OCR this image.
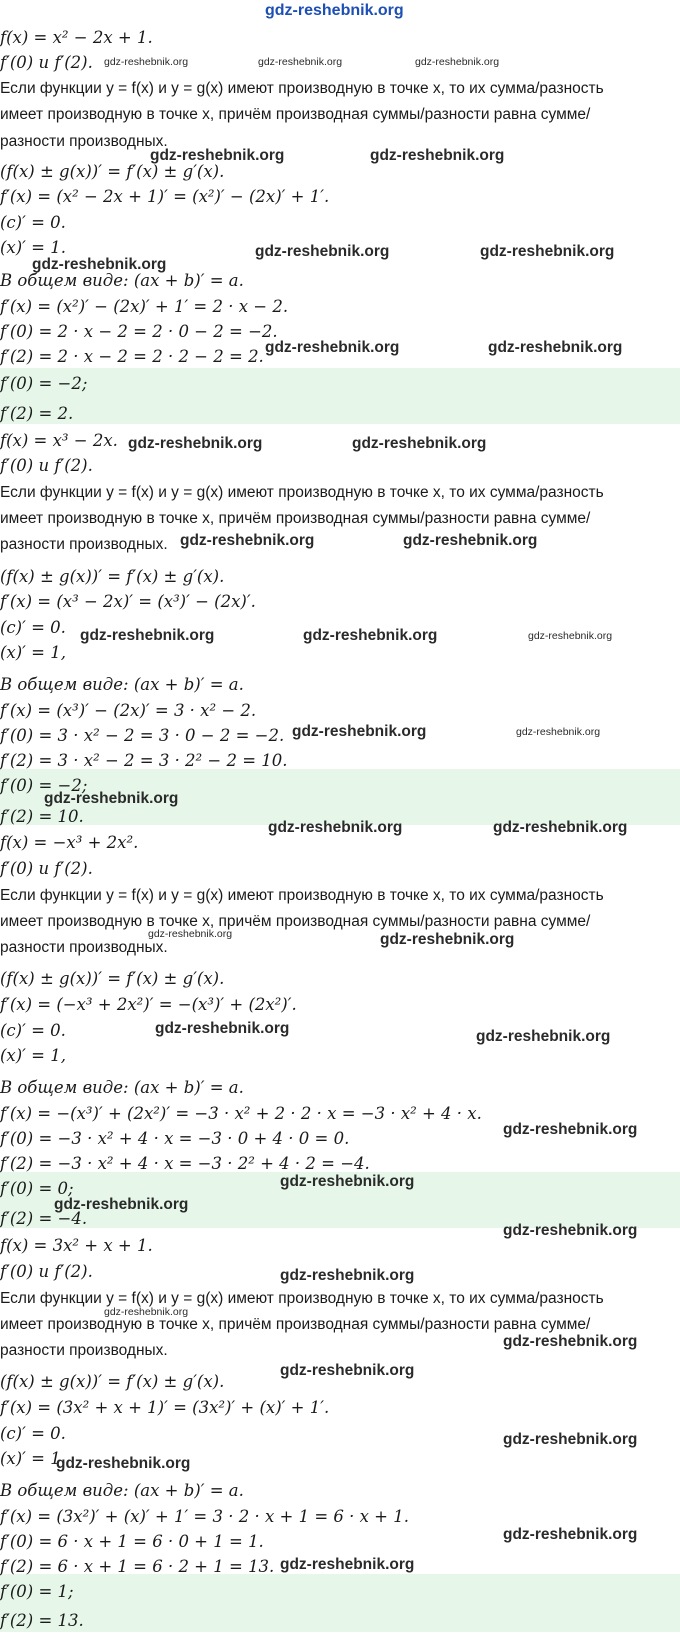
gdz-reshebnik.org
f(x) = x² − 2x + 1.
f′(0) и f′(2).
Если функции y = f(x) и y = g(x) имеют производную в точке x, то их сумма/разность
имеет производную в точке x, причём производная суммы/разности равна сумме/
разности производных.
(f(x) ± g(x))′ = f′(x) ± g′(x).
f′(x) = (x² − 2x + 1)′ = (x²)′ − (2x)′ + 1′.
(c)′ = 0.
(x)′ = 1.
В общем виде: (ax + b)′ = a.
f′(x) = (x²)′ − (2x)′ + 1′ = 2 · x − 2.
f′(0) = 2 · x − 2 = 2 · 0 − 2 = −2.
f′(2) = 2 · x − 2 = 2 · 2 − 2 = 2.
f′(0) = −2;
f′(2) = 2.
f(x) = x³ − 2x.
f′(0) и f′(2).
Если функции y = f(x) и y = g(x) имеют производную в точке x, то их сумма/разность
имеет производную в точке x, причём производная суммы/разности равна сумме/
разности производных.
(f(x) ± g(x))′ = f′(x) ± g′(x).
f′(x) = (x³ − 2x)′ = (x³)′ − (2x)′.
(c)′ = 0.
(x)′ = 1,
В общем виде: (ax + b)′ = a.
f′(x) = (x³)′ − (2x)′ = 3 · x² − 2.
f′(0) = 3 · x² − 2 = 3 · 0 − 2 = −2.
f′(2) = 3 · x² − 2 = 3 · 2² − 2 = 10.
f′(0) = −2;
f′(2) = 10.
f(x) = −x³ + 2x².
f′(0) и f′(2).
Если функции y = f(x) и y = g(x) имеют производную в точке x, то их сумма/разность
имеет производную в точке x, причём производная суммы/разности равна сумме/
разности производных.
(f(x) ± g(x))′ = f′(x) ± g′(x).
f′(x) = (−x³ + 2x²)′ = −(x³)′ + (2x²)′.
(c)′ = 0.
(x)′ = 1,
В общем виде: (ax + b)′ = a.
f′(x) = −(x³)′ + (2x²)′ = −3 · x² + 2 · 2 · x = −3 · x² + 4 · x.
f′(0) = −3 · x² + 4 · x = −3 · 0 + 4 · 0 = 0.
f′(2) = −3 · x² + 4 · x = −3 · 2² + 4 · 2 = −4.
f′(0) = 0;
f′(2) = −4.
f(x) = 3x² + x + 1.
f′(0) и f′(2).
Если функции y = f(x) и y = g(x) имеют производную в точке x, то их сумма/разность
имеет производную в точке x, причём производная суммы/разности равна сумме/
разности производных.
(f(x) ± g(x))′ = f′(x) ± g′(x).
f′(x) = (3x² + x + 1)′ = (3x²)′ + (x)′ + 1′.
(c)′ = 0.
(x)′ = 1.
В общем виде: (ax + b)′ = a.
f′(x) = (3x²)′ + (x)′ + 1′ = 3 · 2 · x + 1 = 6 · x + 1.
f′(0) = 6 · x + 1 = 6 · 0 + 1 = 1.
f′(2) = 6 · x + 1 = 6 · 2 + 1 = 13.
f′(0) = 1;
f′(2) = 13.
gdz-reshebnik.org	gdz-reshebnik.org	gdz-reshebnik.org
gdz-reshebnik.org	gdz-reshebnik.org
gdz-reshebnik.org	gdz-reshebnik.org
gdz-reshebnik.org
gdz-reshebnik.org	gdz-reshebnik.org
gdz-reshebnik.org	gdz-reshebnik.org
gdz-reshebnik.org	gdz-reshebnik.org
gdz-reshebnik.org	gdz-reshebnik.org	gdz-reshebnik.org
gdz-reshebnik.org	gdz-reshebnik.org
gdz-reshebnik.org
gdz-reshebnik.org	gdz-reshebnik.org
gdz-reshebnik.org	gdz-reshebnik.org
gdz-reshebnik.org	gdz-reshebnik.org
gdz-reshebnik.org
gdz-reshebnik.org
gdz-reshebnik.org
gdz-reshebnik.org
gdz-reshebnik.org
gdz-reshebnik.org
gdz-reshebnik.org
gdz-reshebnik.org
gdz-reshebnik.org
gdz-reshebnik.org
gdz-reshebnik.org
gdz-reshebnik.org
